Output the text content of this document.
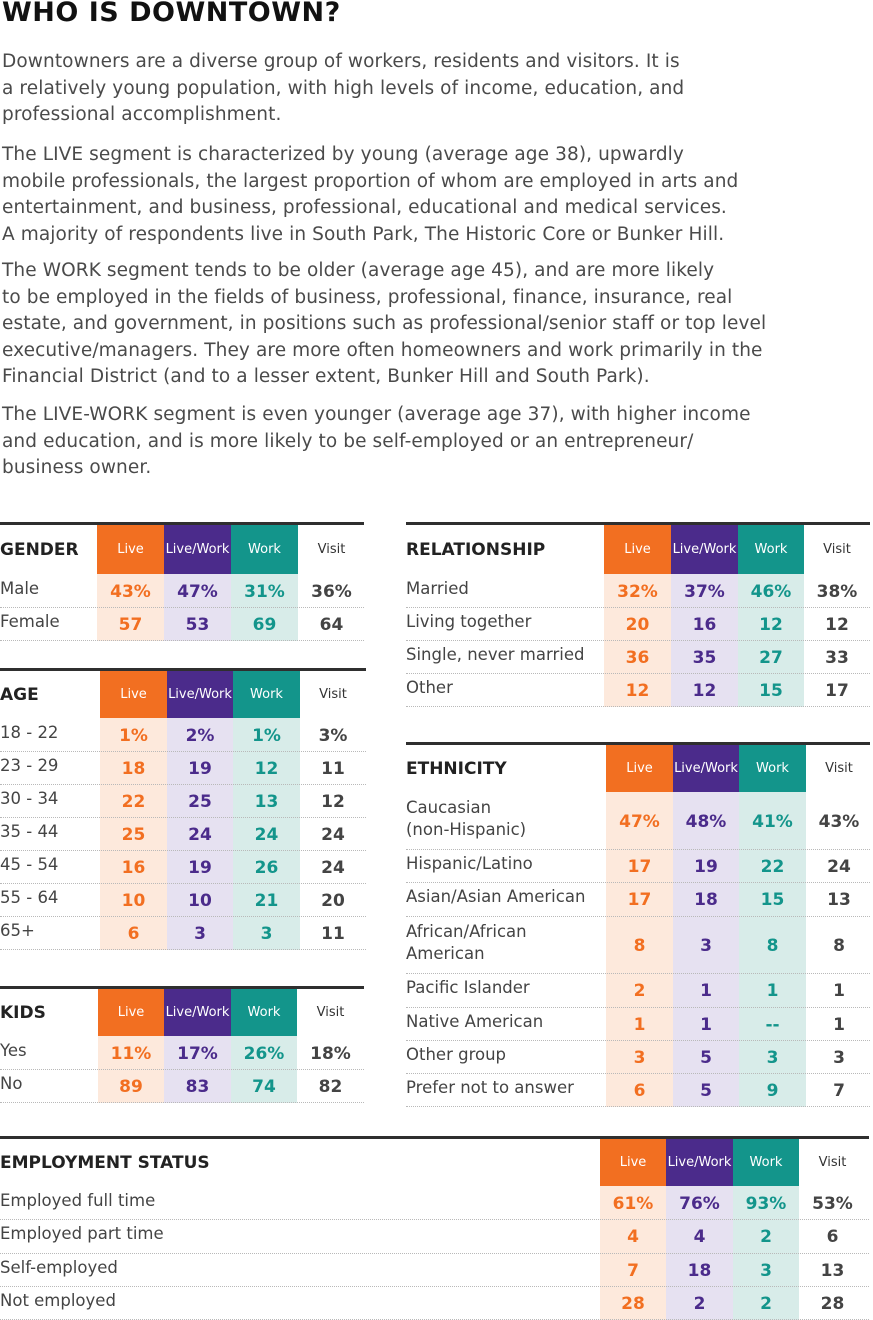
WHO IS DOWNTOWN?

Downtowners are a diverse group of workers, residents and visitors. It is
a relatively young population, with high levels of income, education, and
professional accomplishment.

The LIVE segment is characterized by young (average age 38), upwardly
mobile professionals, the largest proportion of whom are employed in arts and
entertainment, and business, professional, educational and medical services.
A majority of respondents live in South Park, The Historic Core or Bunker Hill.

The WORK segment tends to be older (average age 45), and are more likely
to be employed in the fields of business, professional, finance, insurance, real
estate, and government, in positions such as professional/senior staff or top level
executive/managers. They are more often homeowners and work primarily in the
Financial District (and to a lesser extent, Bunker Hill and South Park).

The LIVE-WORK segment is even younger (average age 37), with higher income
and education, and is more likely to be self-employed or an entrepreneur/
business owner.

GENDER	Live	Live/ Work	Work	Visit
Male	43%	47%	31%	36%
Female	57	53	69	64
AGE	Live	Live/ Work	Work	Visit
18 - 22	1%	2%	1%	3%
23 - 29	18	19	12	11
30 - 34	22	25	13	12
35 - 44	25	24	24	24
45 - 54	16	19	26	24
55 - 64	10	10	21	20
65+	6	3	3	11
KIDS	Live	Live/ Work	Work	Visit
Yes	11%	17%	26%	18%
No	89	83	74	82
RELATIONSHIP	Live	Live/ Work	Work	Visit
Married	32%	37%	46%	38%
Living together	20	16	12	12
Single, never married	36	35	27	33
Other	12	12	15	17
ETHNICITY	Live	Live/ Work	Work	Visit
Caucasian
(non-Hispanic)	47%	48%	41%	43%
Hispanic/Latino	17	19	22	24
Asian/Asian American	17	18	15	13
African/African
American	8	3	8	8
Pacific Islander	2	1	1	1
Native American	1	1	--	1
Other group	3	5	3	3
Prefer not to answer	6	5	9	7
EMPLOYMENT STATUS	Live	Live/ Work	Work	Visit
Employed full time	61%	76%	93%	53%
Employed part time	4	4	2	6
Self-employed	7	18	3	13
Not employed	28	2	2	28
